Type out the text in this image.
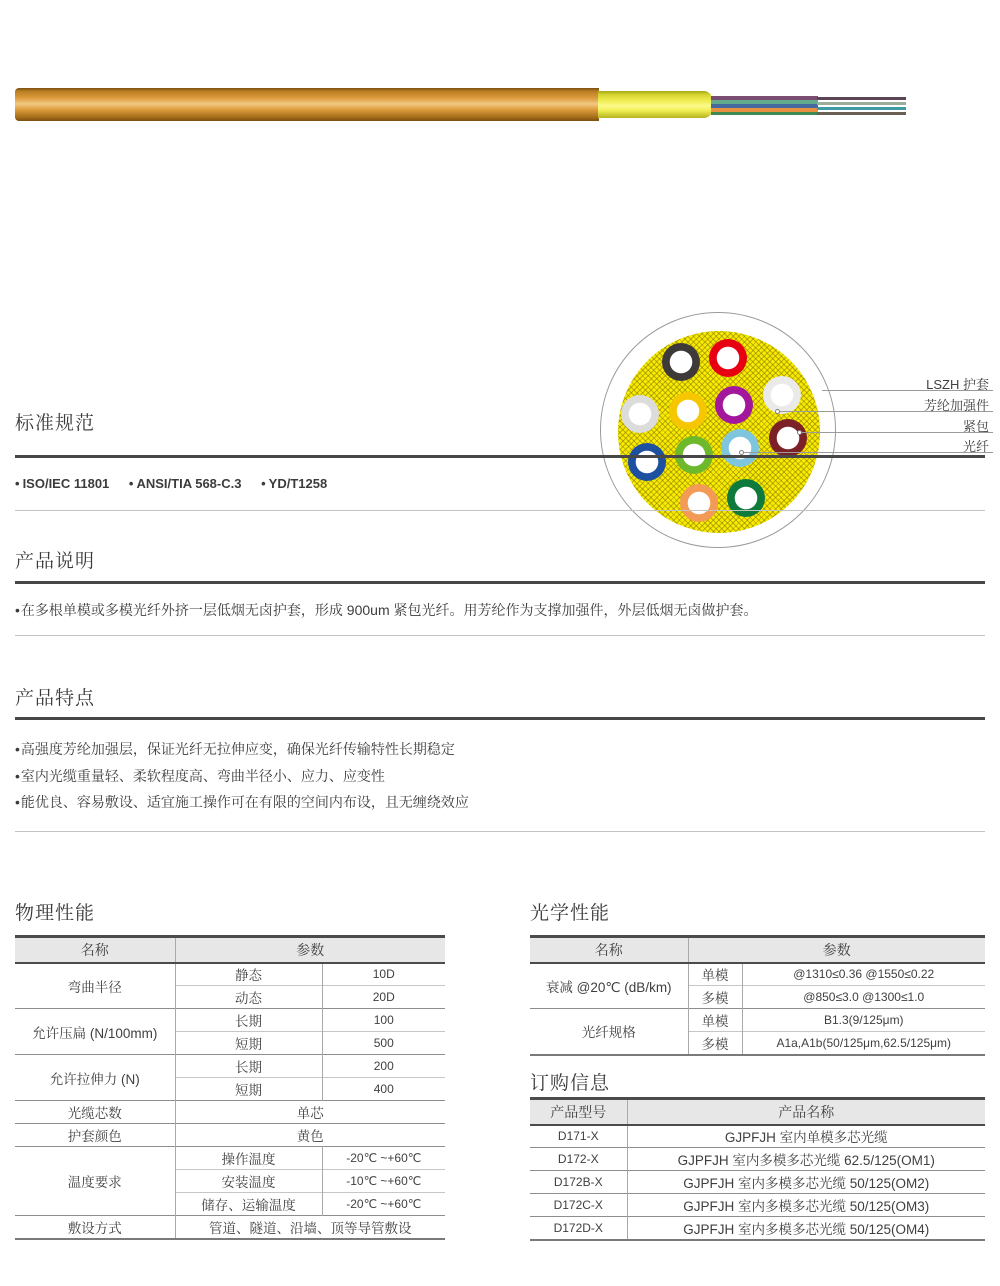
LSZH 护套
芳纶加强件
紧包
光纤
标准规范
• ISO/IEC 11801 • ANSI/TIA 568-C.3 • YD/T1258
产品说明
• 在多根单模或多模光纤外挤一层低烟无卤护套，形成 900um 紧包光纤。用芳纶作为支撑加强件，外层低烟无卤做护套。
产品特点
• 高强度芳纶加强层，保证光纤无拉伸应变，确保光纤传输特性长期稳定
• 室内光缆重量轻、柔软程度高、弯曲半径小、应力、应变性
• 能优良、容易敷设、适宜施工操作可在有限的空间内布设，且无缠绕效应
物理性能
名称	参数	
弯曲半径	静态	10D
	动态	20D
允许压扁 (N/100mm)	长期	100
	短期	500
允许拉伸力 (N)	长期	200
	短期	400
光缆芯数	单芯	
护套颜色	黄色	
温度要求	操作温度	-20℃ ~+60℃
	安装温度	-10℃ ~+60℃
	储存、运输温度	-20℃ ~+60℃
敷设方式	管道、隧道、沿墙、顶等导管敷设	
光学性能
名称	参数	
衰减 @20℃ (dB/km)	单模	@1310≤0.36 @1550≤0.22
	多模	@850≤3.0 @1300≤1.0
光纤规格	单模	B1.3(9/125μm)
	多模	A1a,A1b(50/125μm,62.5/125μm)
订购信息
产品型号	产品名称
D171-X	GJPFJH 室内单模多芯光缆
D172-X	GJPFJH 室内多模多芯光缆 62.5/125(OM1)
D172B-X	GJPFJH 室内多模多芯光缆 50/125(OM2)
D172C-X	GJPFJH 室内多模多芯光缆 50/125(OM3)
D172D-X	GJPFJH 室内多模多芯光缆 50/125(OM4)
